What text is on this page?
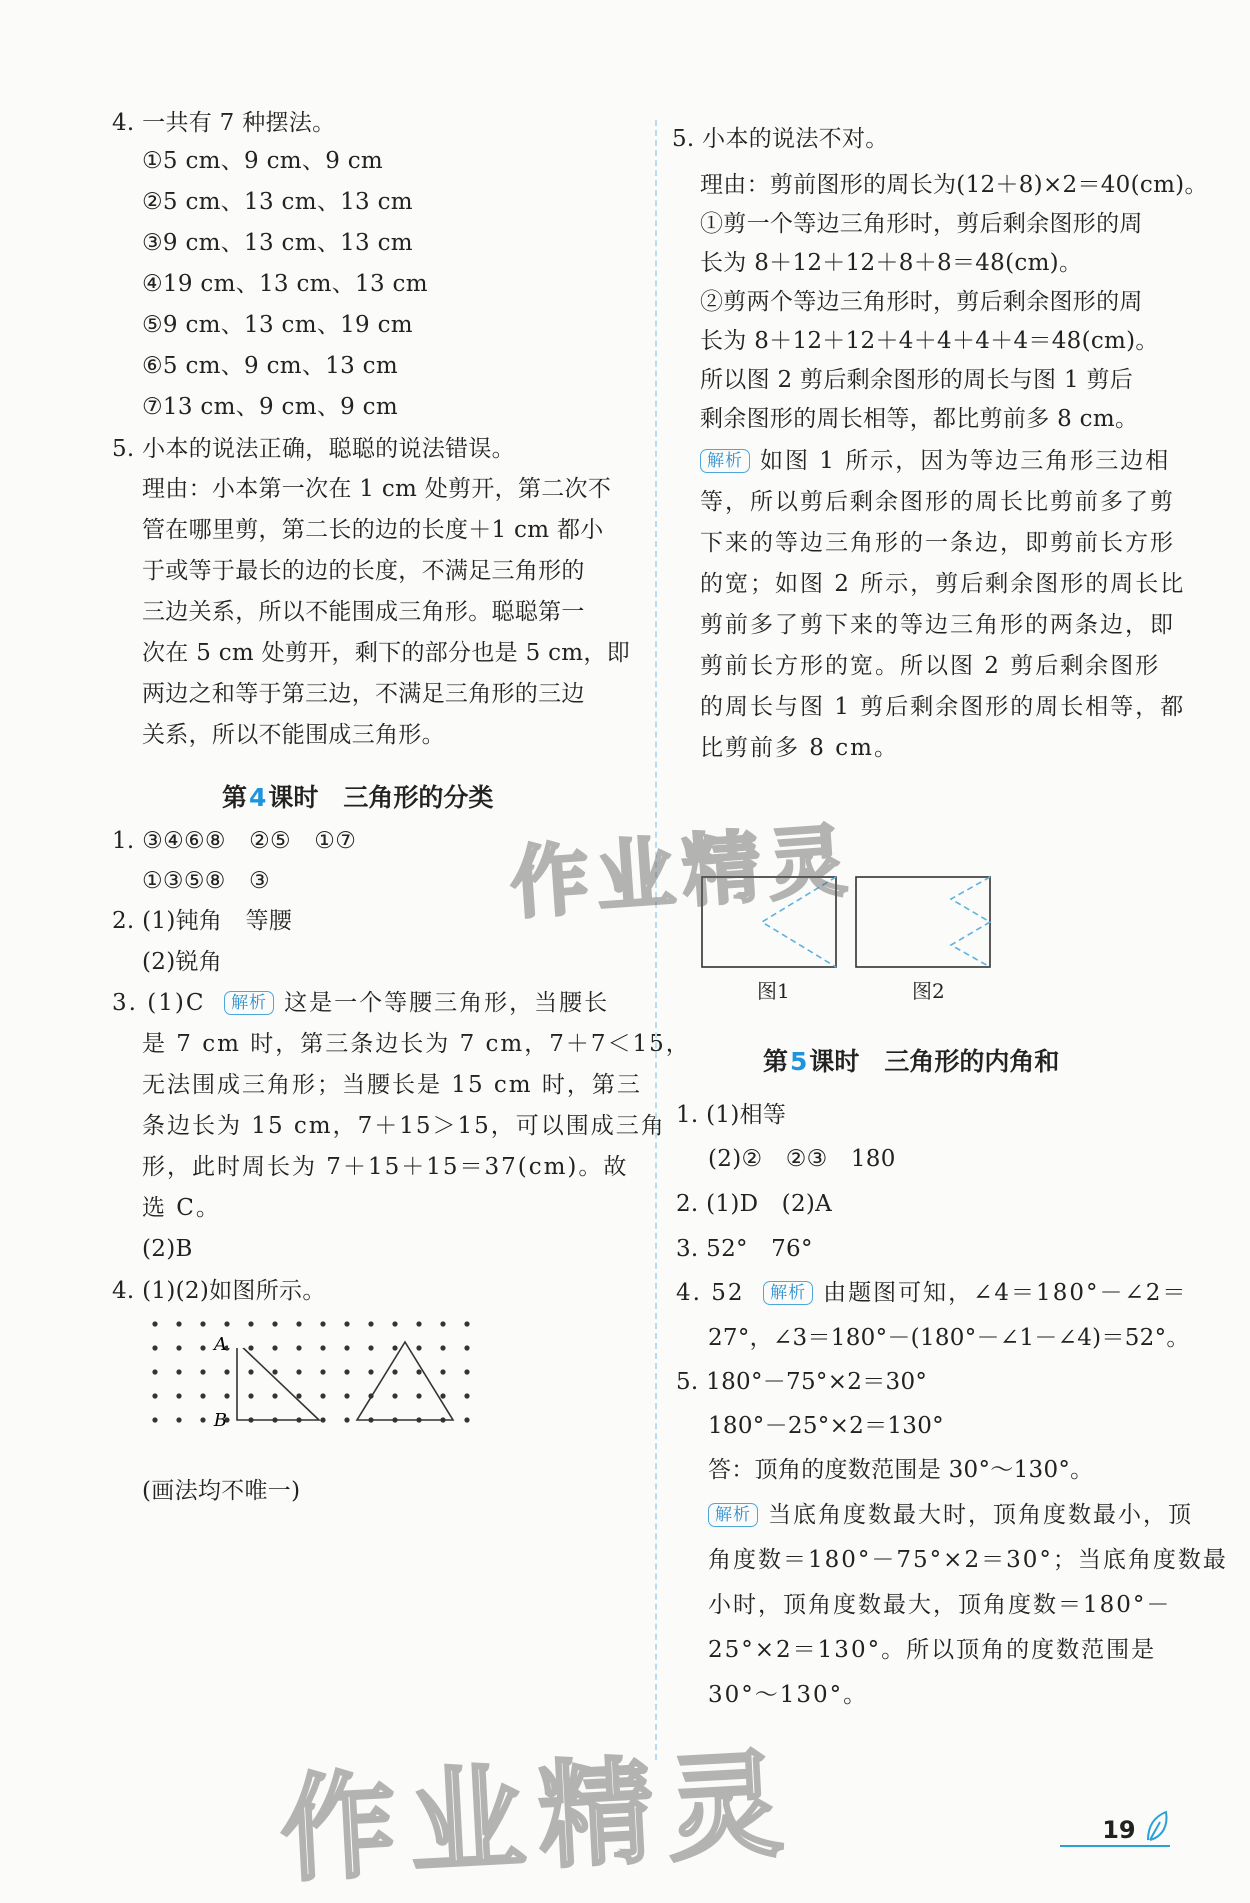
4. 一共有 7 种摆法。
①5 cm、9 cm、9 cm
②5 cm、13 cm、13 cm
③9 cm、13 cm、13 cm
④19 cm、13 cm、13 cm
⑤9 cm、13 cm、19 cm
⑥5 cm、9 cm、13 cm
⑦13 cm、9 cm、9 cm
5. 小本的说法正确，聪聪的说法错误。
理由：小本第一次在 1 cm 处剪开，第二次不
管在哪里剪，第二长的边的长度＋1 cm 都小
于或等于最长的边的长度，不满足三角形的
三边关系，所以不能围成三角形。聪聪第一
次在 5 cm 处剪开，剩下的部分也是 5 cm，即
两边之和等于第三边，不满足三角形的三边
关系，所以不能围成三角形。
第4课时　三角形的分类
1. ③④⑥⑧　②⑤　①⑦
①③⑤⑧　③
2. (1)钝角　等腰
(2)锐角
3. (1)C 解析 这是一个等腰三角形，当腰长
是 7 cm 时，第三条边长为 7 cm，7＋7＜15，
无法围成三角形；当腰长是 15 cm 时，第三
条边长为 15 cm，7＋15＞15，可以围成三角
形，此时周长为 7＋15＋15＝37(cm)。故
选 C。
(2)B
4. (1)(2)如图所示。
A
B
(画法均不唯一)
5. 小本的说法不对。
理由：剪前图形的周长为(12＋8)×2＝40(cm)。
①剪一个等边三角形时，剪后剩余图形的周
长为 8＋12＋12＋8＋8＝48(cm)。
②剪两个等边三角形时，剪后剩余图形的周
长为 8＋12＋12＋4＋4＋4＋4＝48(cm)。
所以图 2 剪后剩余图形的周长与图 1 剪后
剩余图形的周长相等，都比剪前多 8 cm。
解析 如图 1 所示，因为等边三角形三边相
等，所以剪后剩余图形的周长比剪前多了剪
下来的等边三角形的一条边，即剪前长方形
的宽；如图 2 所示，剪后剩余图形的周长比
剪前多了剪下来的等边三角形的两条边，即
剪前长方形的宽。所以图 2 剪后剩余图形
的周长与图 1 剪后剩余图形的周长相等，都
比剪前多 8 cm。
图1	图2
第5课时　三角形的内角和
1. (1)相等
(2)②　②③　180
2. (1)D　(2)A
3. 52°　76°
4. 52 解析 由题图可知，∠4＝180°－∠2＝
27°，∠3＝180°－(180°－∠1－∠4)＝52°。
5. 180°－75°×2＝30°
180°－25°×2＝130°
答：顶角的度数范围是 30°～130°。
解析 当底角度数最大时，顶角度数最小，顶
角度数＝180°－75°×2＝30°；当底角度数最
小时，顶角度数最大，顶角度数＝180°－
25°×2＝130°。所以顶角的度数范围是
30°～130°。
19
作业精灵
作业精灵
